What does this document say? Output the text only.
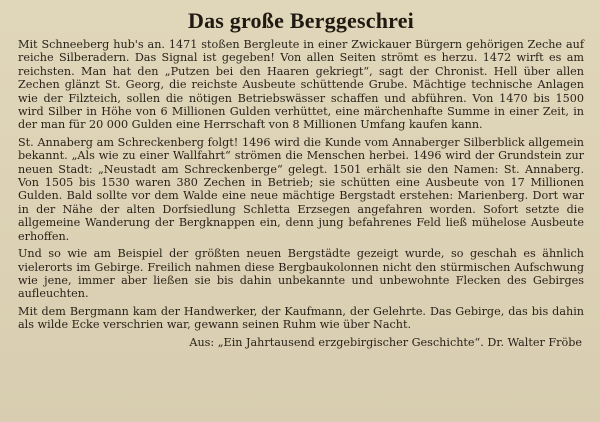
Das große Berggeschrei

Mit Schneeberg hub's an. 1471 stoßen Bergleute in einer Zwickauer Bürgern gehörigen Zeche auf reiche Silberadern. Das Signal ist gegeben! Von allen Seiten strömt es herzu. 1472 wirft es am reichsten. Man hat den „Putzen bei den Haaren gekriegt“, sagt der Chronist. Hell über allen Zechen glänzt St. Georg, die reichste Ausbeute schüttende Grube. Mächtige technische Anlagen wie der Filzteich, sollen die nötigen Betriebswässer schaffen und abführen. Von 1470 bis 1500 wird Silber in Höhe von 6 Millionen Gulden verhüttet, eine märchenhafte Summe in einer Zeit, in der man für 20 000 Gulden eine Herrschaft von 8 Millionen Umfang kaufen kann.

St. Annaberg am Schreckenberg folgt! 1496 wird die Kunde vom Annaberger Silberblick allgemein bekannt. „Als wie zu einer Wallfahrt“ strömen die Menschen herbei. 1496 wird der Grundstein zur neuen Stadt: „Neustadt am Schreckenberge“ gelegt. 1501 erhält sie den Namen: St. Annaberg. Von 1505 bis 1530 waren 380 Zechen in Betrieb; sie schütten eine Ausbeute von 17 Millionen Gulden. Bald sollte vor dem Walde eine neue mächtige Bergstadt erstehen: Marienberg. Dort war in der Nähe der alten Dorfsiedlung Schletta Erzsegen angefahren worden. Sofort setzte die allgemeine Wanderung der Bergknappen ein, denn jung befahrenes Feld ließ mühelose Ausbeute erhoffen.

Und so wie am Beispiel der größten neuen Bergstädte gezeigt wurde, so geschah es ähnlich vielerorts im Gebirge. Freilich nahmen diese Bergbaukolonnen nicht den stürmischen Aufschwung wie jene, immer aber ließen sie bis dahin unbekannte und unbewohnte Flecken des Gebirges aufleuchten.

Mit dem Bergmann kam der Handwerker, der Kaufmann, der Gelehrte. Das Gebirge, das bis dahin als wilde Ecke verschrien war, gewann seinen Ruhm wie über Nacht.

Aus: „Ein Jahrtausend erzgebirgischer Geschichte“. Dr. Walter Fröbe
